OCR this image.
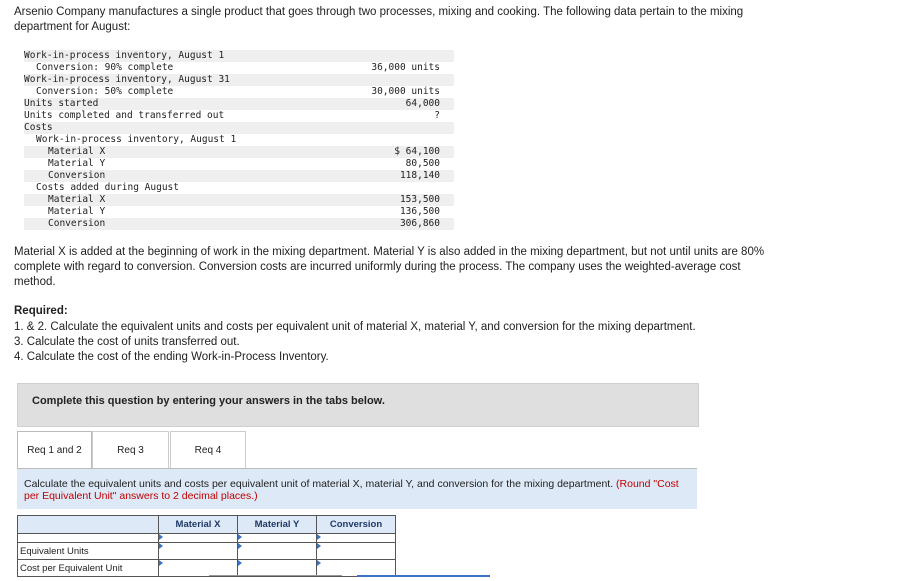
Arsenio Company manufactures a single product that goes through two processes, mixing and cooking. The following data pertain to the mixing department for August:
Work-in-process inventory, August 1
Conversion: 90% complete	36,000 units
Work-in-process inventory, August 31
Conversion: 50% complete	30,000 units
Units started	64,000
Units completed and transferred out	?
Costs
Work-in-process inventory, August 1
Material X	$ 64,100
Material Y	80,500
Conversion	118,140
Costs added during August
Material X	153,500
Material Y	136,500
Conversion	306,860
Material X is added at the beginning of work in the mixing department. Material Y is also added in the mixing department, but not until units are 80% complete with regard to conversion. Conversion costs are incurred uniformly during the process. The company uses the weighted-average cost method.
Required:
1. & 2. Calculate the equivalent units and costs per equivalent unit of material X, material Y, and conversion for the mixing department.
3. Calculate the cost of units transferred out.
4. Calculate the cost of the ending Work-in-Process Inventory.
Complete this question by entering your answers in the tabs below.
Req 1 and 2	Req 3	Req 4
Calculate the equivalent units and costs per equivalent unit of material X, material Y, and conversion for the mixing department. (Round "Cost per Equivalent Unit" answers to 2 decimal places.)
	Material X	Material Y	Conversion

Equivalent Units			
Cost per Equivalent Unit			
